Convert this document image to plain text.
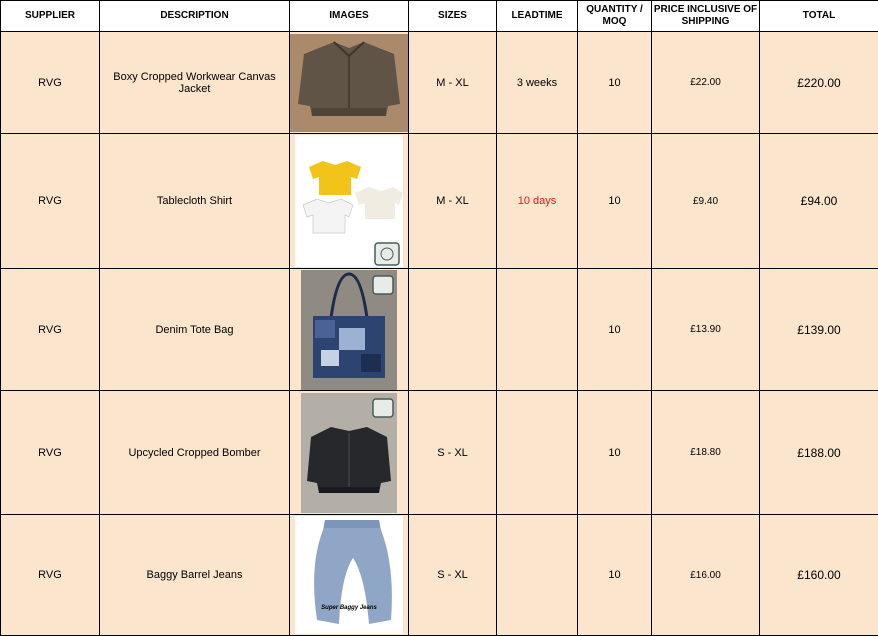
SUPPLIER	DESCRIPTION	IMAGES	SIZES	LEADTIME	QUANTITY / MOQ	PRICE INCLUSIVE OF SHIPPING	TOTAL
RVG	Boxy Cropped Workwear Canvas Jacket		M - XL	3 weeks	10	£22.00	£220.00
RVG	Tablecloth Shirt		M - XL	10 days	10	£9.40	£94.00
RVG	Denim Tote Bag				10	£13.90	£139.00
RVG	Upcycled Cropped Bomber		S - XL		10	£18.80	£188.00
RVG	Baggy Barrel Jeans	Super Baggy Jeans	S - XL		10	£16.00	£160.00
